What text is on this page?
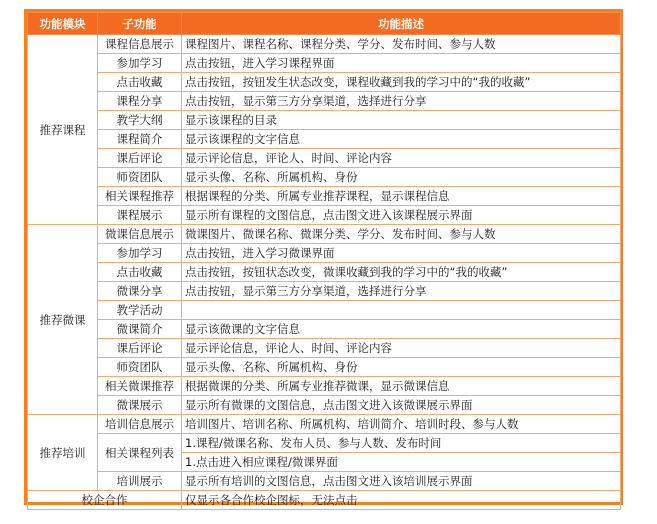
功能模块	子功能	功能描述
推荐课程	课程信息展示	课程图片、课程名称、课程分类、学分、发布时间、参与人数
	参加学习	点击按钮，进入学习课程界面
	点击收藏	点击按钮，按钮发生状态改变，课程收藏到我的学习中的“我的收藏”
	课程分享	点击按钮，显示第三方分享渠道，选择进行分享
	教学大纲	显示该课程的目录
	课程简介	显示该课程的文字信息
	课后评论	显示评论信息，评论人、时间、评论内容
	师资团队	显示头像、名称、所属机构、身份
	相关课程推荐	根据课程的分类、所属专业推荐课程，显示课程信息
	课程展示	显示所有课程的文图信息，点击图文进入该课程展示界面
推荐微课	微课信息展示	微课图片、微课名称、微课分类、学分、发布时间、参与人数
	参加学习	点击按钮，进入学习微课界面
	点击收藏	点击按钮，按钮状态改变，微课收藏到我的学习中的“我的收藏”
	微课分享	点击按钮，显示第三方分享渠道，选择进行分享
	教学活动	
	微课简介	显示该微课的文字信息
	课后评论	显示评论信息，评论人、时间、评论内容
	师资团队	显示头像、名称、所属机构、身份
	相关微课推荐	根据微课的分类、所属专业推荐微课，显示微课信息
	微课展示	显示所有微课的文图信息，点击图文进入该微课展示界面
推荐培训	培训信息展示	培训图片、培训名称、所属机构、培训简介、培训时段、参与人数
	相关课程列表	1.课程/微课名称、发布人员、参与人数、发布时间
		1.点击进入相应课程/微课界面
	培训展示	显示所有培训的文图信息，点击图文进入该培训展示界面
校企合作		仅显示各合作校企图标，无法点击
